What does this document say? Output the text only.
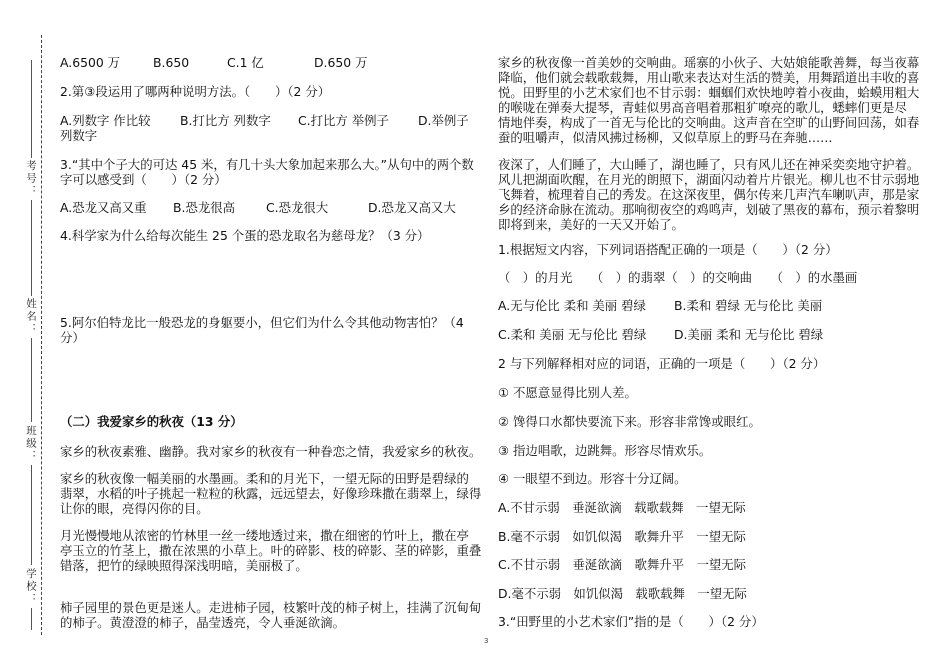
考号：
姓名：
班级：
学校：
A.6500 万	B.650	C.1 亿	D.650 万
2.第③段运用了哪两种说明方法。（　　）（2 分）
A.列数字 作比较 B.打比方 列数字 C.打比方 举例子 D.举例子
列数字
3.“其中个子大的可达 45 米，有几十头大象加起来那么大。”从句中的两个数
字可以感受到（　　）（2 分）
A.恐龙又高又重 B.恐龙很高 C.恐龙很大	D.恐龙又高又大
4.科学家为什么给每次能生 25 个蛋的恐龙取名为慈母龙？（3 分）
5.阿尔伯特龙比一般恐龙的身躯要小，但它们为什么令其他动物害怕？（4
分）
（二）我爱家乡的秋夜（13 分）
家乡的秋夜素雅、幽静。我对家乡的秋夜有一种眷恋之情，我爱家乡的秋夜。
家乡的秋夜像一幅美丽的水墨画。柔和的月光下，一望无际的田野是碧绿的
翡翠，水稻的叶子挑起一粒粒的秋露，远远望去，好像珍珠撒在翡翠上，绿得
让你的眼，亮得闪你的目。
月光慢慢地从浓密的竹林里一丝一缕地透过来，撒在细密的竹叶上，撒在亭
亭玉立的竹茎上，撒在浓黑的小草上。叶的碎影、枝的碎影、茎的碎影，重叠
错落，把竹的绿映照得深浅明暗，美丽极了。
柿子园里的景色更是迷人。走进柿子园，枝繁叶茂的柿子树上，挂满了沉甸甸
的柿子。黄澄澄的柿子，晶莹透亮，令人垂涎欲滴。
家乡的秋夜像一首美妙的交响曲。瑶寨的小伙子、大姑娘能歌善舞，每当夜幕
降临，他们就会载歌载舞，用山歌来表达对生活的赞美，用舞蹈道出丰收的喜
悦。田野里的小艺术家们也不甘示弱：蝈蝈们欢快地哼着小夜曲，蛤蟆用粗大
的喉咙在弹奏大提琴，青蛙似男高音唱着那粗犷嘹亮的歌儿，蟋蟀们更是尽
情地伴奏，构成了一首无与伦比的交响曲。这声音在空旷的山野间回荡，如春
蚕的咀嚼声，似清风拂过杨柳，又似草原上的野马在奔驰……
夜深了，人们睡了，大山睡了，湖也睡了，只有风儿还在神采奕奕地守护着。
风儿把湖面吹醒，在月光的朗照下，湖面闪动着片片银光。柳儿也不甘示弱地
飞舞着，梳理着自己的秀发。在这深夜里，偶尔传来几声汽车喇叭声，那是家
乡的经济命脉在流动。那响彻夜空的鸡鸣声，划破了黑夜的幕布，预示着黎明
即将到来，美好的一天又开始了。
1.根据短文内容，下列词语搭配正确的一项是（　　）（2 分）
（　）的月光　　（　）的翡翠（　）的交响曲　　（　）的水墨画
A.无与伦比 柔和 美丽 碧绿 B.柔和 碧绿 无与伦比 美丽
C.柔和 美丽 无与伦比 碧绿 D.美丽 柔和 无与伦比 碧绿
2 与下列解释相对应的词语，正确的一项是（　　）（2 分）
① 不愿意显得比别人差。
② 馋得口水都快要流下来。形容非常馋或眼红。
③ 指边唱歌，边跳舞。形容尽情欢乐。
④ 一眼望不到边。形容十分辽阔。
A.不甘示弱　垂涎欲滴　载歌载舞　一望无际
B.毫不示弱　如饥似渴　歌舞升平　一望无际
C.不甘示弱　垂涎欲滴　歌舞升平　一望无际
D.毫不示弱　如饥似渴　载歌载舞　一望无际
3.“田野里的小艺术家们”指的是（　　）（2 分）
3
